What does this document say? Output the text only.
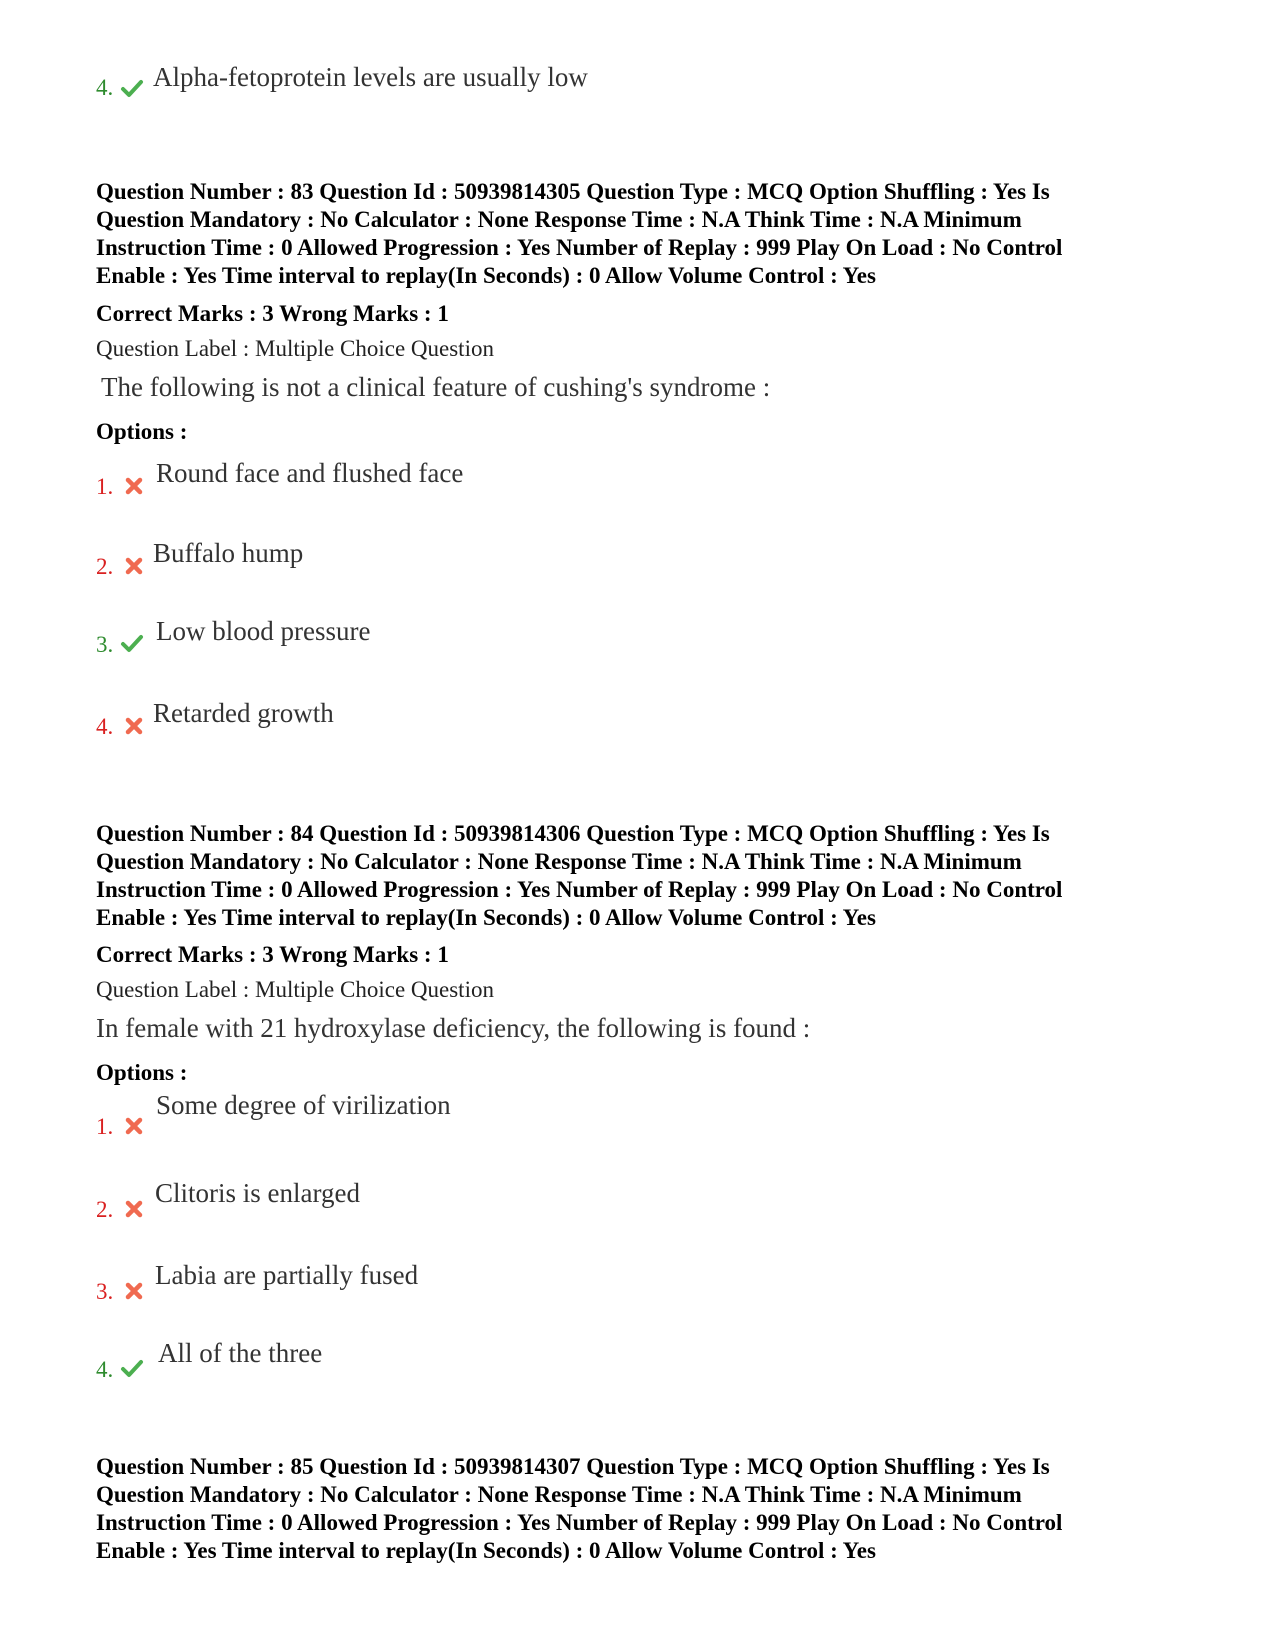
4. Alpha-fetoprotein levels are usually low
Question Number : 83 Question Id : 50939814305 Question Type : MCQ Option Shuffling : Yes Is
Question Mandatory : No Calculator : None Response Time : N.A Think Time : N.A Minimum
Instruction Time : 0 Allowed Progression : Yes Number of Replay : 999 Play On Load : No Control
Enable : Yes Time interval to replay(In Seconds) : 0 Allow Volume Control : Yes
Correct Marks : 3 Wrong Marks : 1
Question Label : Multiple Choice Question
The following is not a clinical feature of cushing's syndrome :
Options :
1. Round face and flushed face
2. Buffalo hump
3. Low blood pressure
4. Retarded growth
Question Number : 84 Question Id : 50939814306 Question Type : MCQ Option Shuffling : Yes Is
Question Mandatory : No Calculator : None Response Time : N.A Think Time : N.A Minimum
Instruction Time : 0 Allowed Progression : Yes Number of Replay : 999 Play On Load : No Control
Enable : Yes Time interval to replay(In Seconds) : 0 Allow Volume Control : Yes
Correct Marks : 3 Wrong Marks : 1
Question Label : Multiple Choice Question
In female with 21 hydroxylase deficiency, the following is found :
Options :
1.
Some degree of virilization
2.
Clitoris is enlarged
3.
Labia are partially fused
4.
All of the three
Question Number : 85 Question Id : 50939814307 Question Type : MCQ Option Shuffling : Yes Is
Question Mandatory : No Calculator : None Response Time : N.A Think Time : N.A Minimum
Instruction Time : 0 Allowed Progression : Yes Number of Replay : 999 Play On Load : No Control
Enable : Yes Time interval to replay(In Seconds) : 0 Allow Volume Control : Yes
